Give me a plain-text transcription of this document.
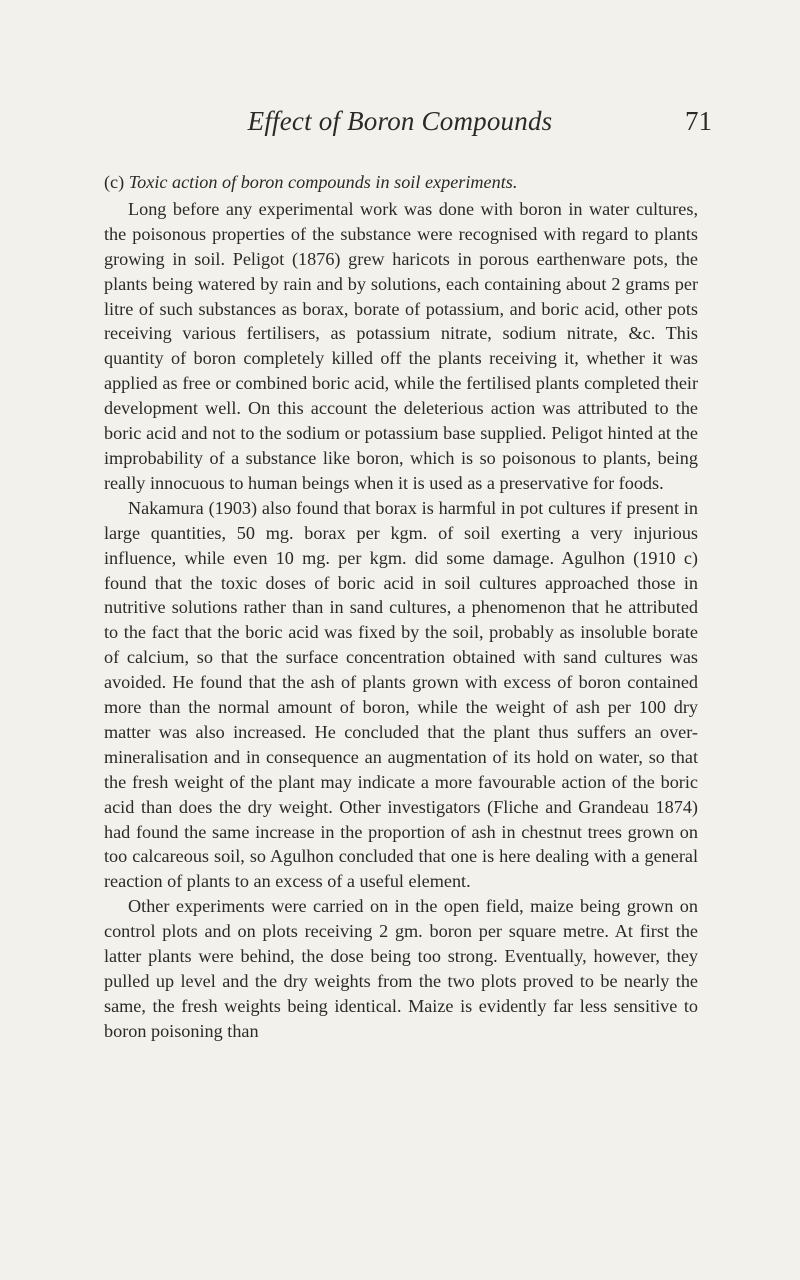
Effect of Boron Compounds	71

(c) Toxic action of boron compounds in soil experiments.

Long before any experimental work was done with boron in water cultures, the poisonous properties of the substance were recognised with regard to plants growing in soil. Peligot (1876) grew haricots in porous earthenware pots, the plants being watered by rain and by solutions, each containing about 2 grams per litre of such substances as borax, borate of potassium, and boric acid, other pots receiving various fertilisers, as potassium nitrate, sodium nitrate, &c. This quantity of boron completely killed off the plants receiving it, whether it was applied as free or combined boric acid, while the fertilised plants completed their development well. On this account the deleterious action was attributed to the boric acid and not to the sodium or potassium base supplied. Peligot hinted at the improbability of a substance like boron, which is so poisonous to plants, being really innocuous to human beings when it is used as a preservative for foods.

Nakamura (1903) also found that borax is harmful in pot cultures if present in large quantities, 50 mg. borax per kgm. of soil exerting a very injurious influence, while even 10 mg. per kgm. did some damage. Agulhon (1910 c) found that the toxic doses of boric acid in soil cultures approached those in nutritive solutions rather than in sand cultures, a phenomenon that he attributed to the fact that the boric acid was fixed by the soil, probably as insoluble borate of calcium, so that the surface concentration obtained with sand cultures was avoided. He found that the ash of plants grown with excess of boron contained more than the normal amount of boron, while the weight of ash per 100 dry matter was also increased. He concluded that the plant thus suffers an over-mineralisation and in consequence an augmentation of its hold on water, so that the fresh weight of the plant may indicate a more favourable action of the boric acid than does the dry weight. Other investigators (Fliche and Grandeau 1874) had found the same increase in the proportion of ash in chestnut trees grown on too calcareous soil, so Agulhon concluded that one is here dealing with a general reaction of plants to an excess of a useful element.

Other experiments were carried on in the open field, maize being grown on control plots and on plots receiving 2 gm. boron per square metre. At first the latter plants were behind, the dose being too strong. Eventually, however, they pulled up level and the dry weights from the two plots proved to be nearly the same, the fresh weights being identical. Maize is evidently far less sensitive to boron poisoning than
